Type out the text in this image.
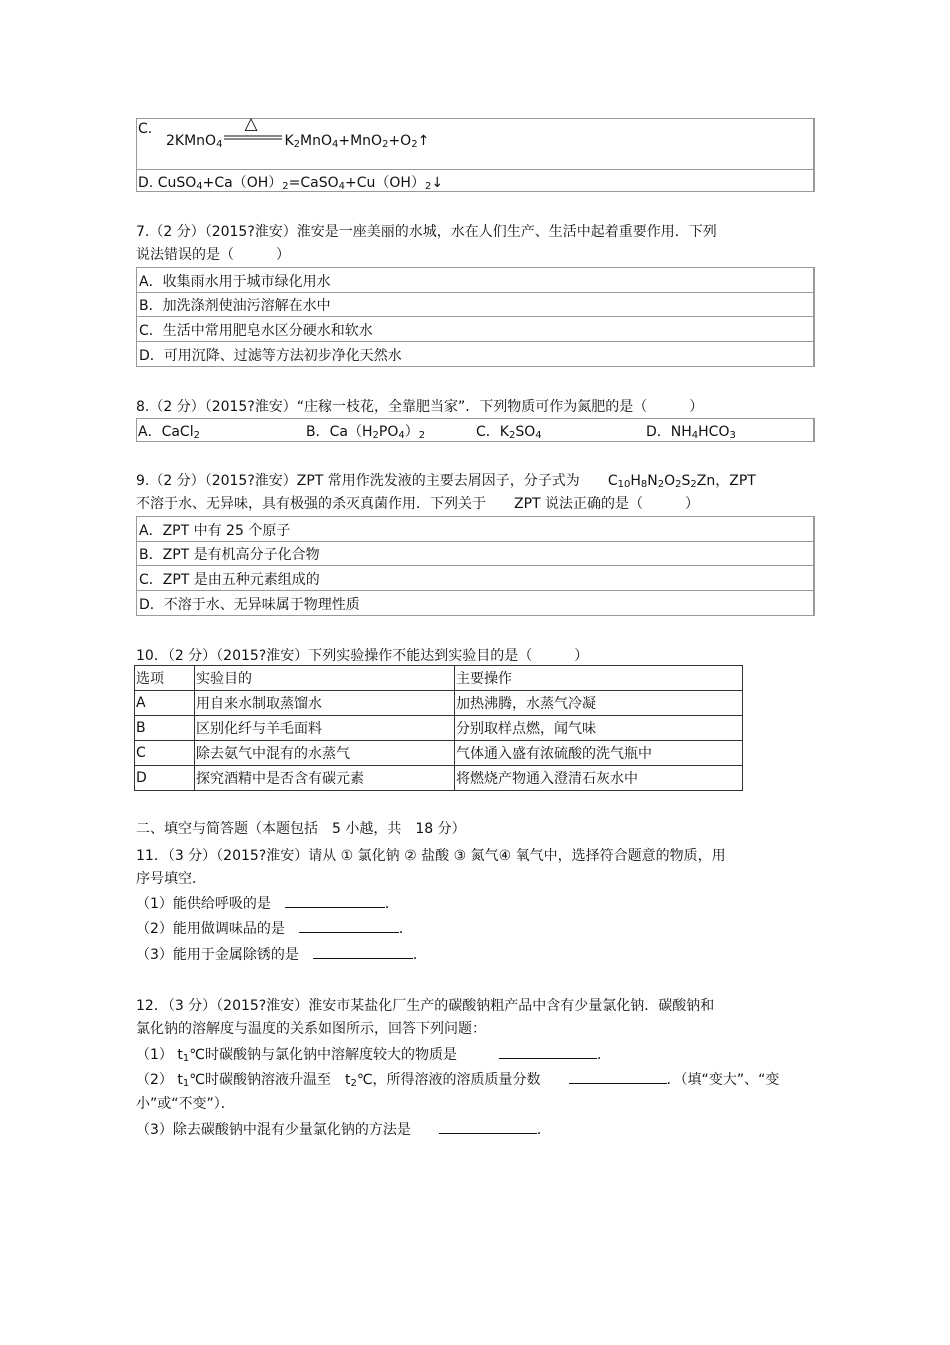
C.
2KMnO$_4$
△
$K_2MnO_4+MnO_2+O_2↑$
D. $CuSO_4+Ca(OH)_2=CaSO_4+Cu(OH)_2↓$
7.（2 分）（2015?淮安）淮安是一座美丽的水城，水在人们生产、生活中起着重要作用．下列
说法错误的是（　　　）
A．收集雨水用于城市绿化用水
B．加洗涤剂使油污溶解在水中
C．生活中常用肥皂水区分硬水和软水
D．可用沉降、过滤等方法初步净化天然水
8.（2 分）（2015?淮安）“庄稼一枝花，全靠肥当家”．下列物质可作为氮肥的是（　　　）
A．CaCl$_2$	B．$Ca(H_2PO_4)_2$	C．$K_2SO_4$	D．$NH_4HCO_3$
9.（2 分）（2015?淮安）ZPT 常用作洗发液的主要去屑因子，分子式为　　 $C_{10}H_8N_2O_2S_2Zn$，ZPT
不溶于水、无异味，具有极强的杀灭真菌作用．下列关于　　ZPT 说法正确的是（　　　）
A．ZPT 中有 25 个原子
B．ZPT 是有机高分子化合物
C．ZPT 是由五种元素组成的
D．不溶于水、无异味属于物理性质
10．（2 分）（2015?淮安）下列实验操作不能达到实验目的是（　　　）
选项	实验目的	主要操作
A	用自来水制取蒸馏水	加热沸腾，水蒸气冷凝
B	区别化纤与羊毛面料	分别取样点燃，闻气味
C	除去氨气中混有的水蒸气	气体通入盛有浓硫酸的洗气瓶中
D	探究酒精中是否含有碳元素	将燃烧产物通入澄清石灰水中
二、填空与简答题（本题包括　5 小越，共　18 分）
11．（3 分）（2015?淮安）请从 ① 氯化钠 ② 盐酸 ③ 氮气④ 氧气中，选择符合题意的物质，用
序号填空．
（1）能供给呼吸的是　	．
（2）能用做调味品的是　	．
（3）能用于金属除锈的是　	．
12．（3 分）（2015?淮安）淮安市某盐化厂生产的碳酸钠粗产品中含有少量氯化钠．碳酸钠和
氯化钠的溶解度与温度的关系如图所示，回答下列问题：
（1） $t_1℃$时碳酸钠与氯化钠中溶解度较大的物质是　　　	．
（2） $t_1℃$时碳酸钠溶液升温至　$t_2℃$，所得溶液的溶质质量分数　　	．（填“变大”、“变
小”或“不变”）．
（3）除去碳酸钠中混有少量氯化钠的方法是　　	．
